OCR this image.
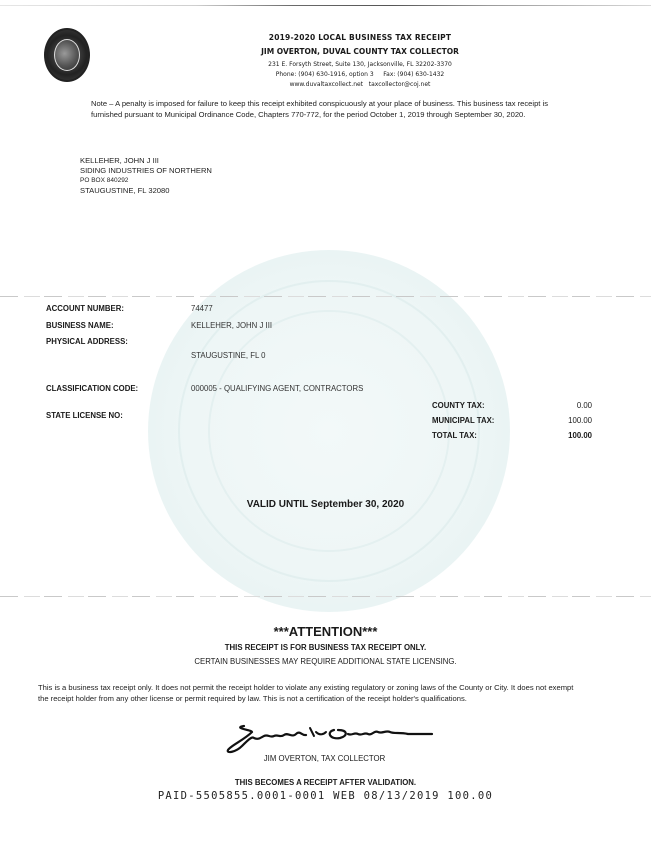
2019-2020 LOCAL BUSINESS TAX RECEIPT
JIM OVERTON, DUVAL COUNTY TAX COLLECTOR
231 E. Forsyth Street, Suite 130, Jacksonville, FL 32202-3370
Phone: (904) 630-1916, option 3     Fax: (904) 630-1432
www.duvaltaxcollect.net   taxcollector@coj.net
Note – A penalty is imposed for failure to keep this receipt exhibited conspicuously at your place of business. This business tax receipt is furnished pursuant to Municipal Ordinance Code, Chapters 770-772, for the period October 1, 2019 through September 30, 2020.
KELLEHER, JOHN J III
SIDING INDUSTRIES OF NORTHERN
PO BOX 840292
STAUGUSTINE, FL 32080
ACCOUNT NUMBER:	74477
BUSINESS NAME:	KELLEHER, JOHN J III
PHYSICAL ADDRESS:
STAUGUSTINE, FL 0
CLASSIFICATION CODE:	000005 - QUALIFYING AGENT, CONTRACTORS
STATE LICENSE NO:
COUNTY TAX:	0.00
MUNICIPAL TAX:	100.00
TOTAL TAX:	100.00
VALID UNTIL September 30, 2020
***ATTENTION***
THIS RECEIPT IS FOR BUSINESS TAX RECEIPT ONLY.
CERTAIN BUSINESSES MAY REQUIRE ADDITIONAL STATE LICENSING.
This is a business tax receipt only. It does not permit the receipt holder to violate any existing regulatory or zoning laws of the County or City. It does not exempt the receipt holder from any other license or permit required by law. This is not a certification of the receipt holder's qualifications.
JIM OVERTON, TAX COLLECTOR
THIS BECOMES A RECEIPT AFTER VALIDATION.
PAID-5505855.0001-0001 WEB 08/13/2019 100.00
